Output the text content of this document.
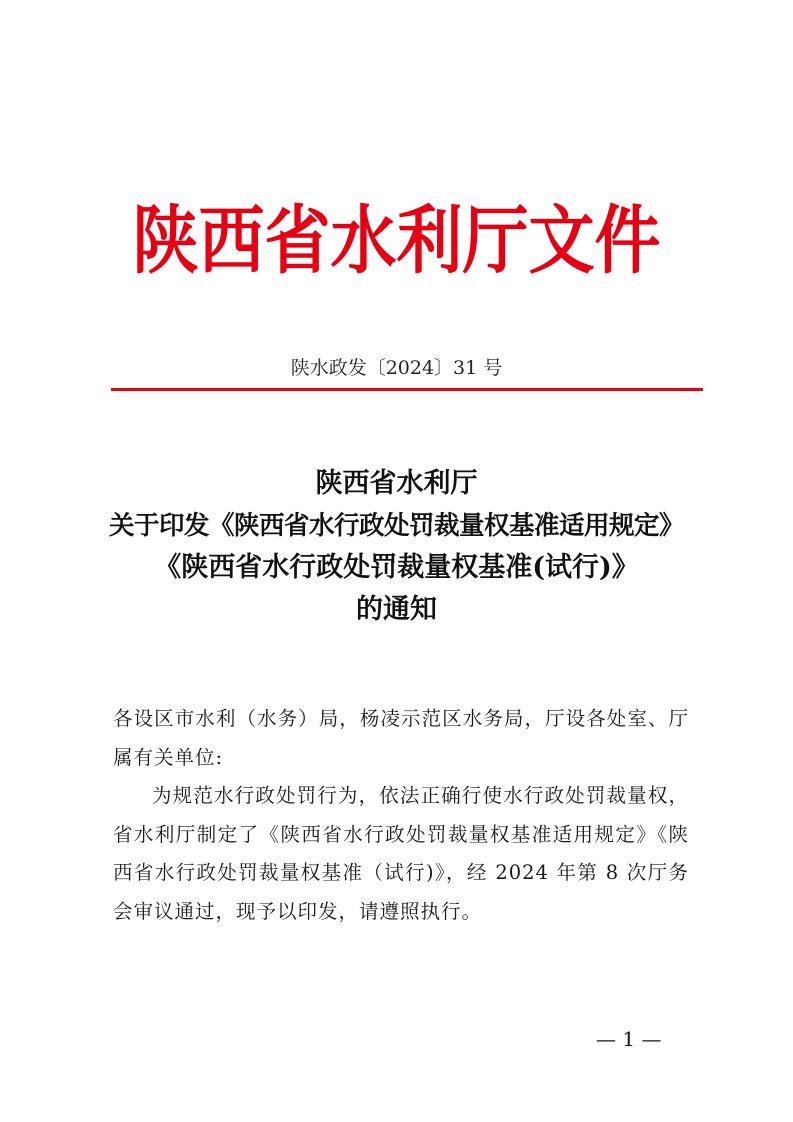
陕西省水利厅文件
陕水政发〔2024〕31 号
陕西省水利厅
关于印发《陕西省水行政处罚裁量权基准适用规定》
《陕西省水行政处罚裁量权基准(试行)》
的通知

各设区市水利（水务）局，杨凌示范区水务局，厅设各处室、厅属有关单位:

为规范水行政处罚行为，依法正确行使水行政处罚裁量权，省水利厅制定了《陕西省水行政处罚裁量权基准适用规定》《陕西省水行政处罚裁量权基准（试行)》，经 2024 年第 8 次厅务会审议通过，现予以印发，请遵照执行。

— 1 —
